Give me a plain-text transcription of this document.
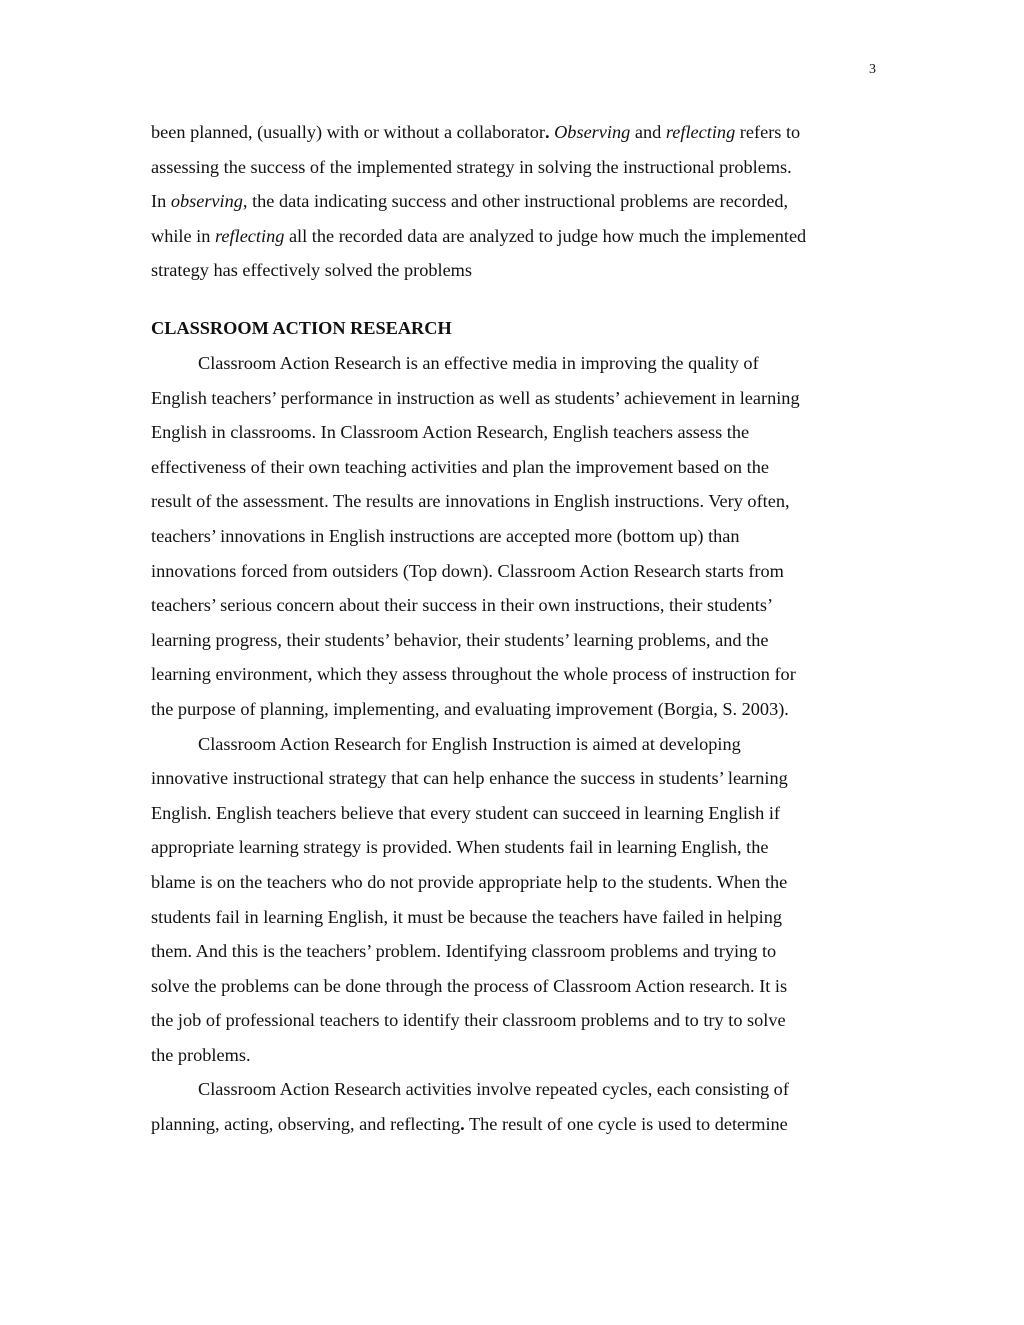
3
been planned, (usually) with or without a collaborator. Observing and reflecting refers to
assessing the success of the implemented strategy in solving the instructional problems.
In observing, the data indicating success and other instructional problems are recorded,
while in reflecting all the recorded data are analyzed to judge how much the implemented
strategy has effectively solved the problems
CLASSROOM ACTION RESEARCH
Classroom Action Research is an effective media in improving the quality of
English teachers’ performance in instruction as well as students’ achievement in learning
English in classrooms. In Classroom Action Research, English teachers assess the
effectiveness of their own teaching activities and plan the improvement based on the
result of the assessment. The results are innovations in English instructions. Very often,
teachers’ innovations in English instructions are accepted more (bottom up) than
innovations forced from outsiders (Top down). Classroom Action Research starts from
teachers’ serious concern about their success in their own instructions, their students’
learning progress, their students’ behavior, their students’ learning problems, and the
learning environment, which they assess throughout the whole process of instruction for
the purpose of planning, implementing, and evaluating improvement (Borgia, S. 2003).
Classroom Action Research for English Instruction is aimed at developing
innovative instructional strategy that can help enhance the success in students’ learning
English. English teachers believe that every student can succeed in learning English if
appropriate learning strategy is provided. When students fail in learning English, the
blame is on the teachers who do not provide appropriate help to the students. When the
students fail in learning English, it must be because the teachers have failed in helping
them. And this is the teachers’ problem. Identifying classroom problems and trying to
solve the problems can be done through the process of Classroom Action research. It is
the job of professional teachers to identify their classroom problems and to try to solve
the problems.
Classroom Action Research activities involve repeated cycles, each consisting of
planning, acting, observing, and reflecting. The result of one cycle is used to determine
